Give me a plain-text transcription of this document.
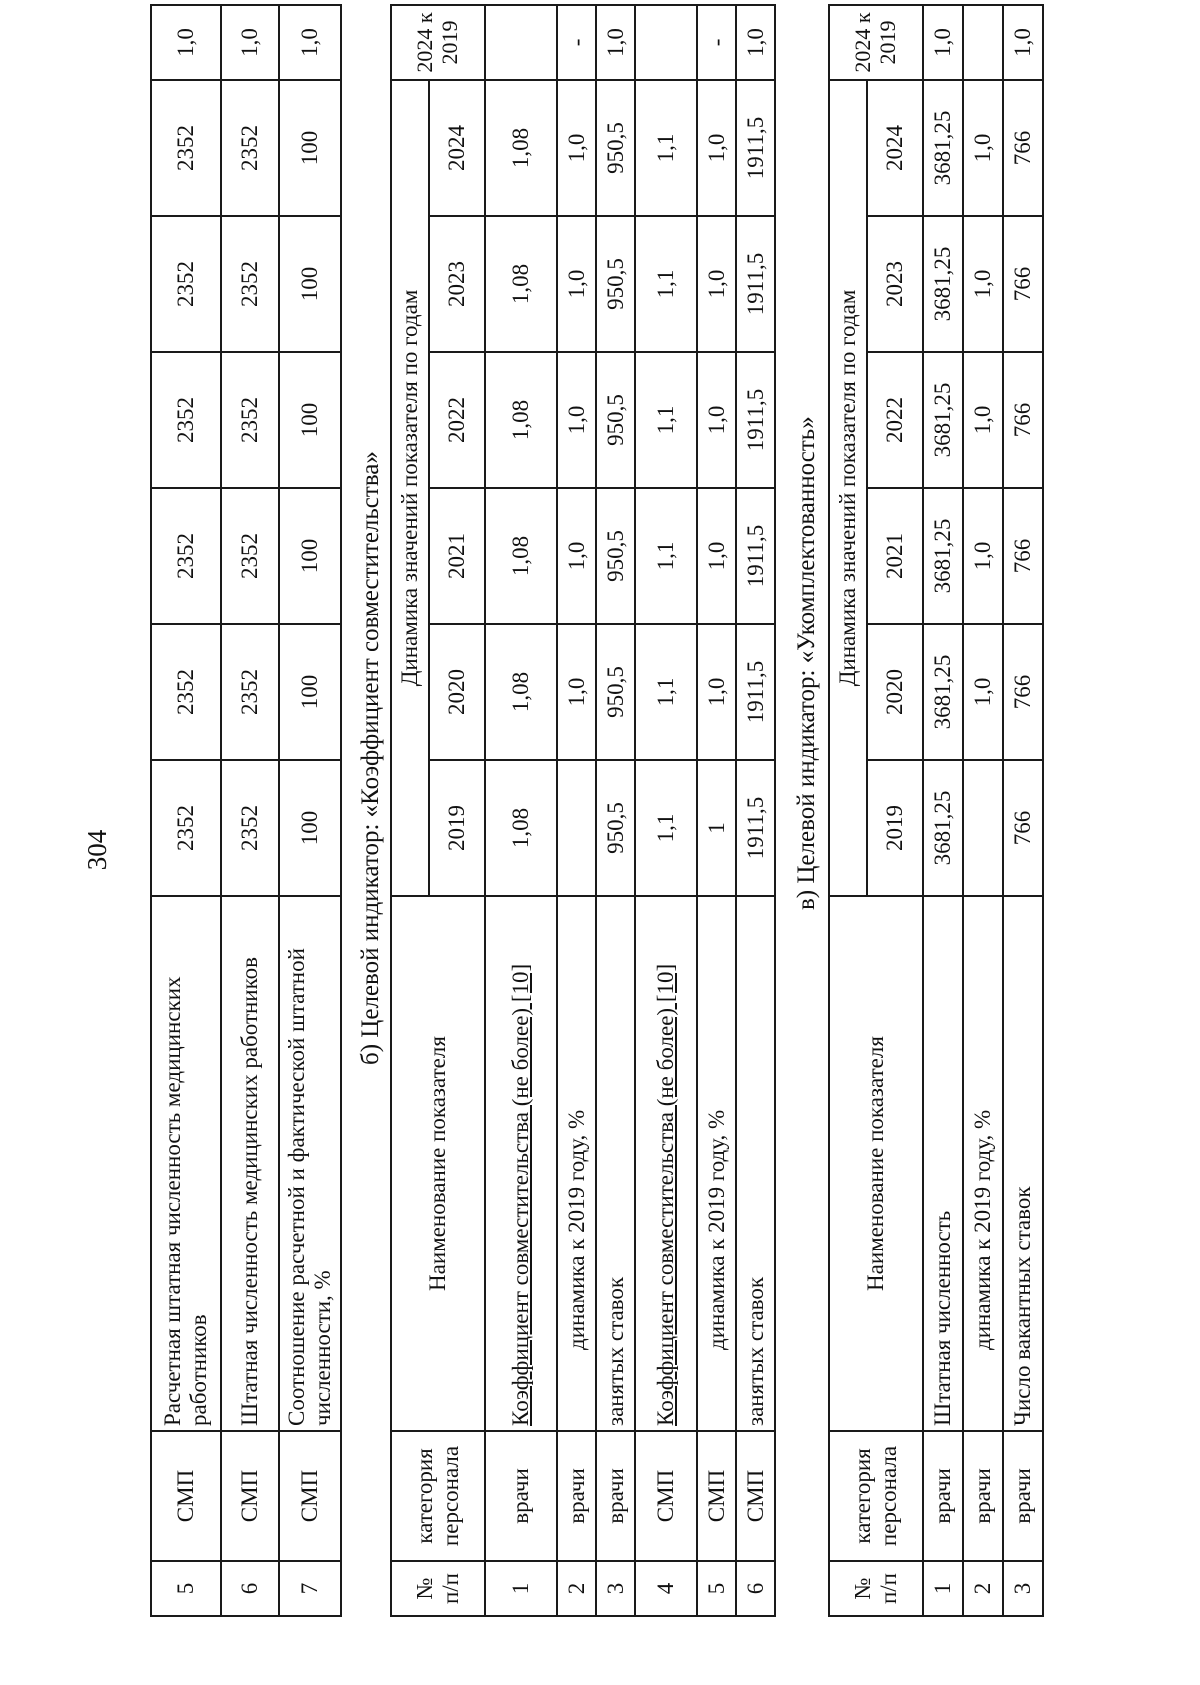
304
5	СМП	Расчетная штатная численность медицинских работников	2352	2352	2352	2352	2352	2352	1,0
6	СМП	Штатная численность медицинских работников	2352	2352	2352	2352	2352	2352	1,0
7	СМП	Соотношение расчетной и фактической штатной численности, %	100	100	100	100	100	100	1,0
б) Целевой индикатор: «Коэффициент совместительства»
№ п/п	категория персонала	Наименование показателя	Динамика значений показателя по годам						2024 к 2019
			2019	2020	2021	2022	2023	2024	
1	врачи	Коэффициент совместительства (не более) [10]	1,08	1,08	1,08	1,08	1,08	1,08	
2	врачи	динамика к 2019 году, %		1,0	1,0	1,0	1,0	1,0	-
3	врачи	занятых ставок	950,5	950,5	950,5	950,5	950,5	950,5	1,0
4	СМП	Коэффициент совместительства (не более) [10]	1,1	1,1	1,1	1,1	1,1	1,1	
5	СМП	динамика к 2019 году, %	1	1,0	1,0	1,0	1,0	1,0	-
6	СМП	занятых ставок	1911,5	1911,5	1911,5	1911,5	1911,5	1911,5	1,0
в) Целевой индикатор: «Укомплектованность»
№ п/п	категория персонала	Наименование показателя	Динамика значений показателя по годам						2024 к 2019
			2019	2020	2021	2022	2023	2024	
1	врачи	Штатная численность	3681,25	3681,25	3681,25	3681,25	3681,25	3681,25	1,0
2	врачи	динамика к 2019 году, %		1,0	1,0	1,0	1,0	1,0	
3	врачи	Число вакантных ставок	766	766	766	766	766	766	1,0
